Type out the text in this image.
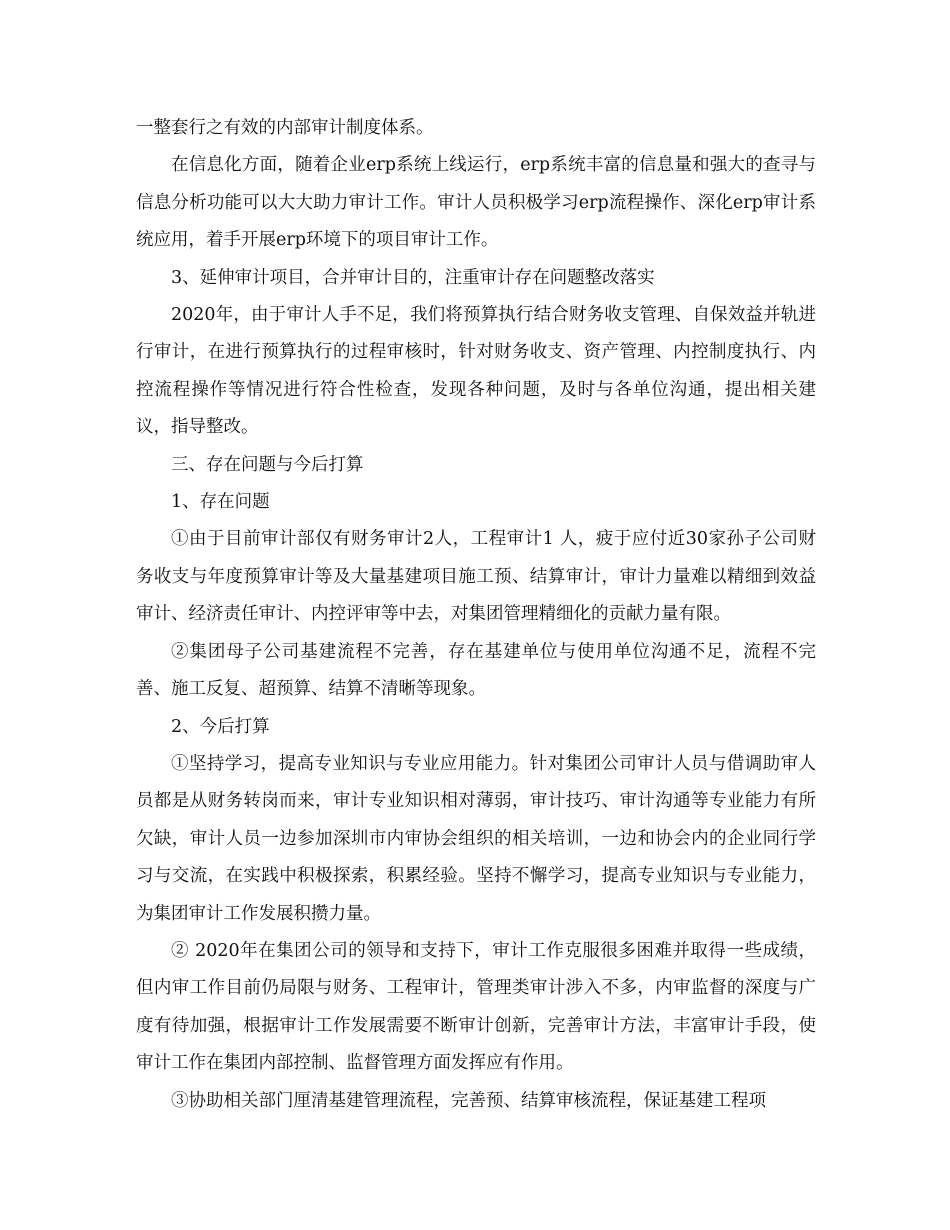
一整套行之有效的内部审计制度体系。

在信息化方面，随着企业erp系统上线运行，erp系统丰富的信息量和强大的查寻与信息分析功能可以大大助力审计工作。审计人员积极学习erp流程操作、深化erp审计系统应用，着手开展erp环境下的项目审计工作。

3、延伸审计项目，合并审计目的，注重审计存在问题整改落实

2020年，由于审计人手不足，我们将预算执行结合财务收支管理、自保效益并轨进行审计，在进行预算执行的过程审核时，针对财务收支、资产管理、内控制度执行、内控流程操作等情况进行符合性检查，发现各种问题，及时与各单位沟通，提出相关建议，指导整改。

三、存在问题与今后打算

1、存在问题

①由于目前审计部仅有财务审计2人，工程审计1 人，疲于应付近30家孙子公司财务收支与年度预算审计等及大量基建项目施工预、结算审计，审计力量难以精细到效益审计、经济责任审计、内控评审等中去，对集团管理精细化的贡献力量有限。

②集团母子公司基建流程不完善，存在基建单位与使用单位沟通不足，流程不完善、施工反复、超预算、结算不清晰等现象。

2、今后打算

①坚持学习，提高专业知识与专业应用能力。针对集团公司审计人员与借调助审人员都是从财务转岗而来，审计专业知识相对薄弱，审计技巧、审计沟通等专业能力有所欠缺，审计人员一边参加深圳市内审协会组织的相关培训，一边和协会内的企业同行学习与交流，在实践中积极探索，积累经验。坚持不懈学习，提高专业知识与专业能力，为集团审计工作发展积攒力量。

② 2020年在集团公司的领导和支持下，审计工作克服很多困难并取得一些成绩，但内审工作目前仍局限与财务、工程审计，管理类审计涉入不多，内审监督的深度与广度有待加强，根据审计工作发展需要不断审计创新，完善审计方法，丰富审计手段，使审计工作在集团内部控制、监督管理方面发挥应有作用。

③协助相关部门厘清基建管理流程，完善预、结算审核流程，保证基建工程项
